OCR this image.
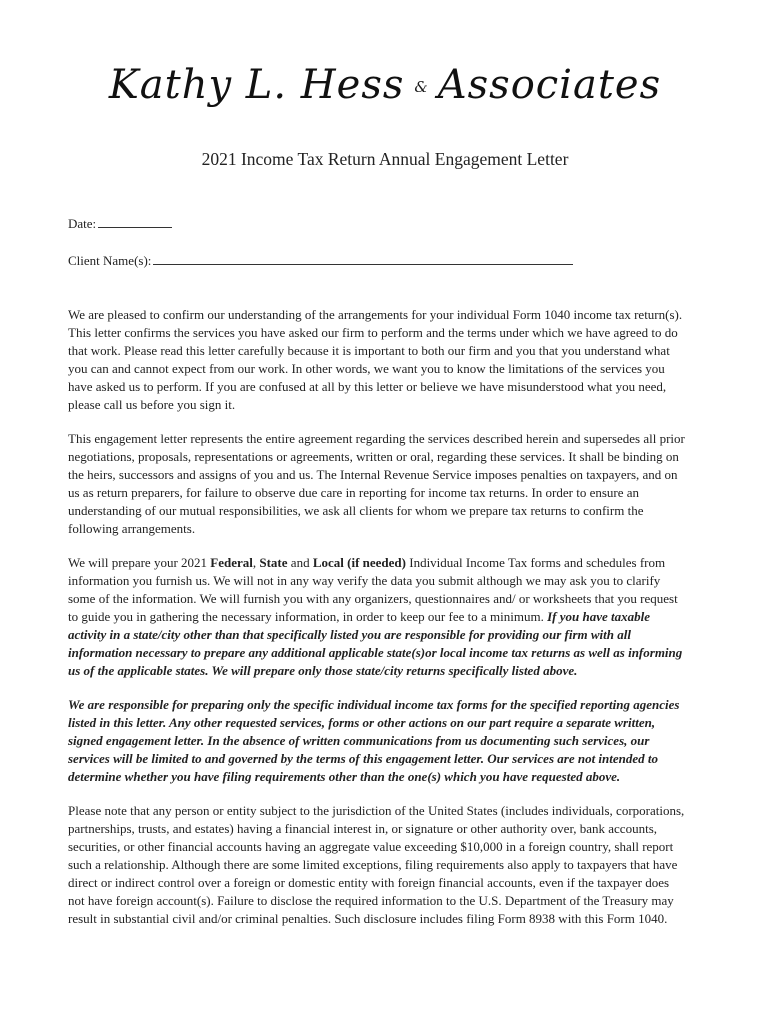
Kathy L. Hess & Associates
2021 Income Tax Return Annual Engagement Letter
Date:
Client Name(s):

We are pleased to confirm our understanding of the arrangements for your individual Form 1040 income tax return(s). This letter confirms the services you have asked our firm to perform and the terms under which we have agreed to do that work. Please read this letter carefully because it is important to both our firm and you that you understand what you can and cannot expect from our work. In other words, we want you to know the limitations of the services you have asked us to perform. If you are confused at all by this letter or believe we have misunderstood what you need, please call us before you sign it.

This engagement letter represents the entire agreement regarding the services described herein and supersedes all prior negotiations, proposals, representations or agreements, written or oral, regarding these services. It shall be binding on the heirs, successors and assigns of you and us. The Internal Revenue Service imposes penalties on taxpayers, and on us as return preparers, for failure to observe due care in reporting for income tax returns. In order to ensure an understanding of our mutual responsibilities, we ask all clients for whom we prepare tax returns to confirm the following arrangements.

We will prepare your 2021 Federal, State and Local (if needed) Individual Income Tax forms and schedules from information you furnish us. We will not in any way verify the data you submit although we may ask you to clarify some of the information. We will furnish you with any organizers, questionnaires and/ or worksheets that you request to guide you in gathering the necessary information, in order to keep our fee to a minimum. If you have taxable activity in a state/city other than that specifically listed you are responsible for providing our firm with all information necessary to prepare any additional applicable state(s)or local income tax returns as well as informing us of the applicable states. We will prepare only those state/city returns specifically listed above.

We are responsible for preparing only the specific individual income tax forms for the specified reporting agencies listed in this letter. Any other requested services, forms or other actions on our part require a separate written, signed engagement letter. In the absence of written communications from us documenting such services, our services will be limited to and governed by the terms of this engagement letter. Our services are not intended to determine whether you have filing requirements other than the one(s) which you have requested above.

Please note that any person or entity subject to the jurisdiction of the United States (includes individuals, corporations, partnerships, trusts, and estates) having a financial interest in, or signature or other authority over, bank accounts, securities, or other financial accounts having an aggregate value exceeding $10,000 in a foreign country, shall report such a relationship. Although there are some limited exceptions, filing requirements also apply to taxpayers that have direct or indirect control over a foreign or domestic entity with foreign financial accounts, even if the taxpayer does not have foreign account(s). Failure to disclose the required information to the U.S. Department of the Treasury may result in substantial civil and/or criminal penalties. Such disclosure includes filing Form 8938 with this Form 1040.
